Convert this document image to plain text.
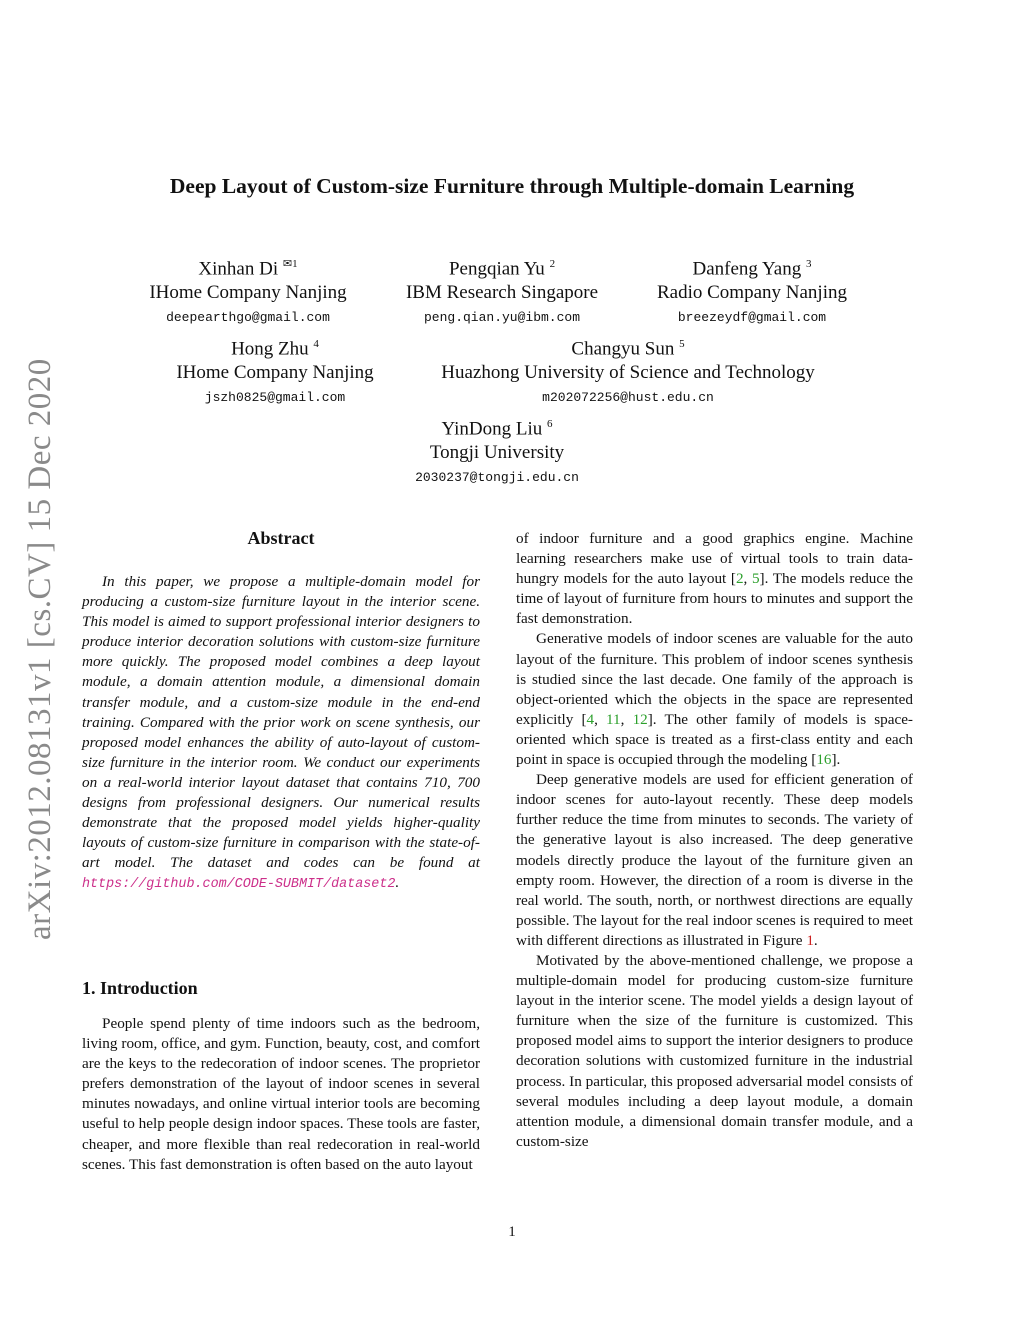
arXiv:2012.08131v1 [cs.CV] 15 Dec 2020
Deep Layout of Custom-size Furniture through Multiple-domain Learning
Xinhan Di $^{✉1}$
IHome Company Nanjing
deepearthgo@gmail.com
Pengqian Yu $^2$
IBM Research Singapore
peng.qian.yu@ibm.com
Danfeng Yang $^3$
Radio Company Nanjing
breezeydf@gmail.com
Hong Zhu $^4$
IHome Company Nanjing
jszh0825@gmail.com
Changyu Sun $^5$
Huazhong University of Science and Technology
m202072256@hust.edu.cn
YinDong Liu $^6$
Tongji University
2030237@tongji.edu.cn
Abstract

In this paper, we propose a multiple-domain model for producing a custom-size furniture layout in the interior scene. This model is aimed to support professional interior designers to produce interior decoration solutions with custom-size furniture more quickly. The proposed model combines a deep layout module, a domain attention module, a dimensional domain transfer module, and a custom-size module in the end-end training. Compared with the prior work on scene synthesis, our proposed model enhances the ability of auto-layout of custom-size furniture in the interior room. We conduct our experiments on a real-world interior layout dataset that contains 710, 700 designs from professional designers. Our numerical results demonstrate that the proposed model yields higher-quality layouts of custom-size furniture in comparison with the state-of-art model. The dataset and codes can be found at https://github.com/CODE-SUBMIT/dataset2.

1. Introduction

People spend plenty of time indoors such as the bedroom, living room, office, and gym. Function, beauty, cost, and comfort are the keys to the redecoration of indoor scenes. The proprietor prefers demonstration of the layout of indoor scenes in several minutes nowadays, and online virtual interior tools are becoming useful to help people design indoor spaces. These tools are faster, cheaper, and more flexible than real redecoration in real-world scenes. This fast demonstration is often based on the auto layout

of indoor furniture and a good graphics engine. Machine learning researchers make use of virtual tools to train data-hungry models for the auto layout [2, 5]. The models reduce the time of layout of furniture from hours to minutes and support the fast demonstration.

Generative models of indoor scenes are valuable for the auto layout of the furniture. This problem of indoor scenes synthesis is studied since the last decade. One family of the approach is object-oriented which the objects in the space are represented explicitly [4, 11, 12]. The other family of models is space-oriented which space is treated as a first-class entity and each point in space is occupied through the modeling [16].

Deep generative models are used for efficient generation of indoor scenes for auto-layout recently. These deep models further reduce the time from minutes to seconds. The variety of the generative layout is also increased. The deep generative models directly produce the layout of the furniture given an empty room. However, the direction of a room is diverse in the real world. The south, north, or northwest directions are equally possible. The layout for the real indoor scenes is required to meet with different directions as illustrated in Figure 1.

Motivated by the above-mentioned challenge, we propose a multiple-domain model for producing custom-size furniture layout in the interior scene. The model yields a design layout of furniture when the size of the furniture is customized. This proposed model aims to support the interior designers to produce decoration solutions with customized furniture in the industrial process. In particular, this proposed adversarial model consists of several modules including a deep layout module, a domain attention module, a dimensional domain transfer module, and a custom-size

1
